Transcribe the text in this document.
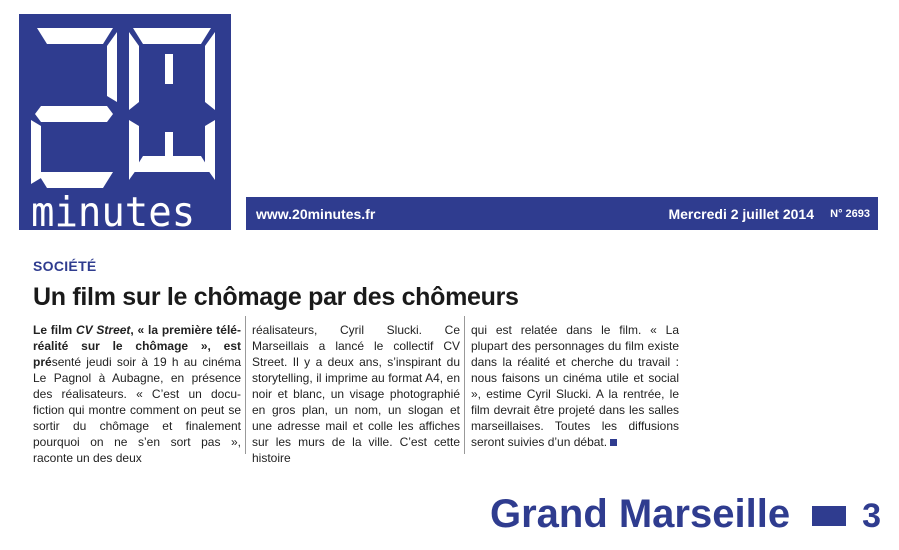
minutes	www.20minutes.fr	Mercredi 2 juillet 2014 N° 2693
SOCIÉTÉ
Un film sur le chômage par des chômeurs
Le film CV Street, « la première télé-réalité sur le chômage », est présenté jeudi soir à 19 h au cinéma Le Pagnol à Aubagne, en présence des réalisateurs. « C’est un docu-fiction qui montre comment on peut se sortir du chômage et finalement pourquoi on ne s’en sort pas », raconte un des deux
réalisateurs, Cyril Slucki. Ce Marseillais a lancé le collectif CV Street. Il y a deux ans, s’inspirant du storytelling, il imprime au format A4, en noir et blanc, un visage photographié en gros plan, un nom, un slogan et une adresse mail et colle les affiches sur les murs de la ville. C’est cette histoire
qui est relatée dans le film. « La plupart des personnages du film existe dans la réalité et cherche du travail : nous faisons un cinéma utile et social », estime Cyril Slucki. A la rentrée, le film devrait être projeté dans les salles marseillaises. Toutes les diffusions seront suivies d’un débat.
Grand Marseille 3
